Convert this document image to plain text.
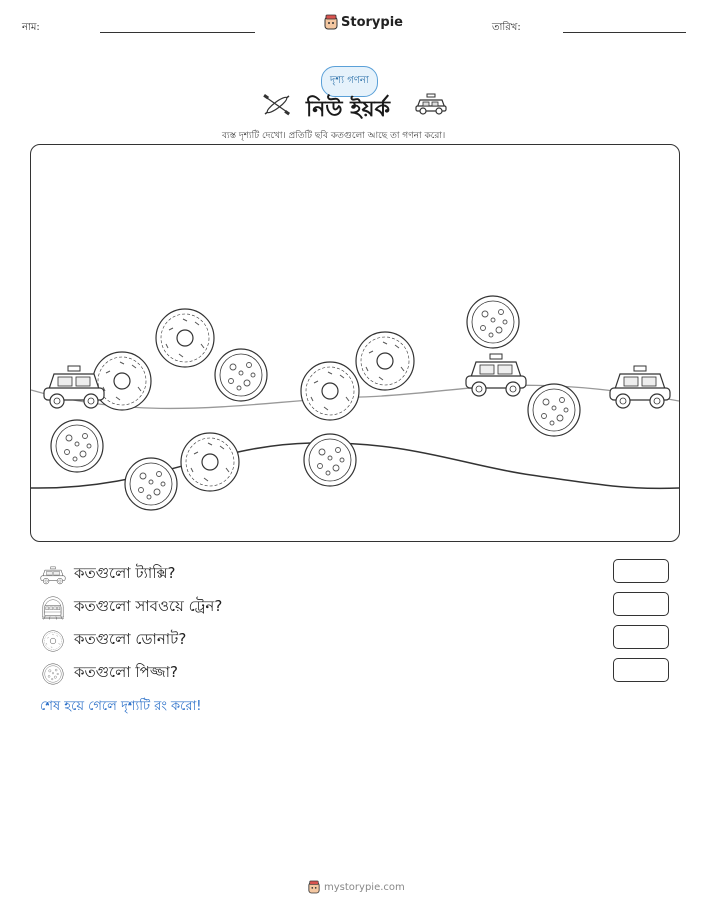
নাম:	Storypie	তারিখ:
দৃশ্য গণনা
নিউ ইয়র্ক
ব্যস্ত দৃশ্যটি দেখো। প্রতিটি ছবি কতগুলো আছে তা গণনা করো।
কতগুলো ট্যাক্সি?
কতগুলো সাবওয়ে ট্রেন?
কতগুলো ডোনাট?
কতগুলো পিজ্জা?
শেষ হয়ে গেলে দৃশ্যটি রং করো!
mystorypie.com
